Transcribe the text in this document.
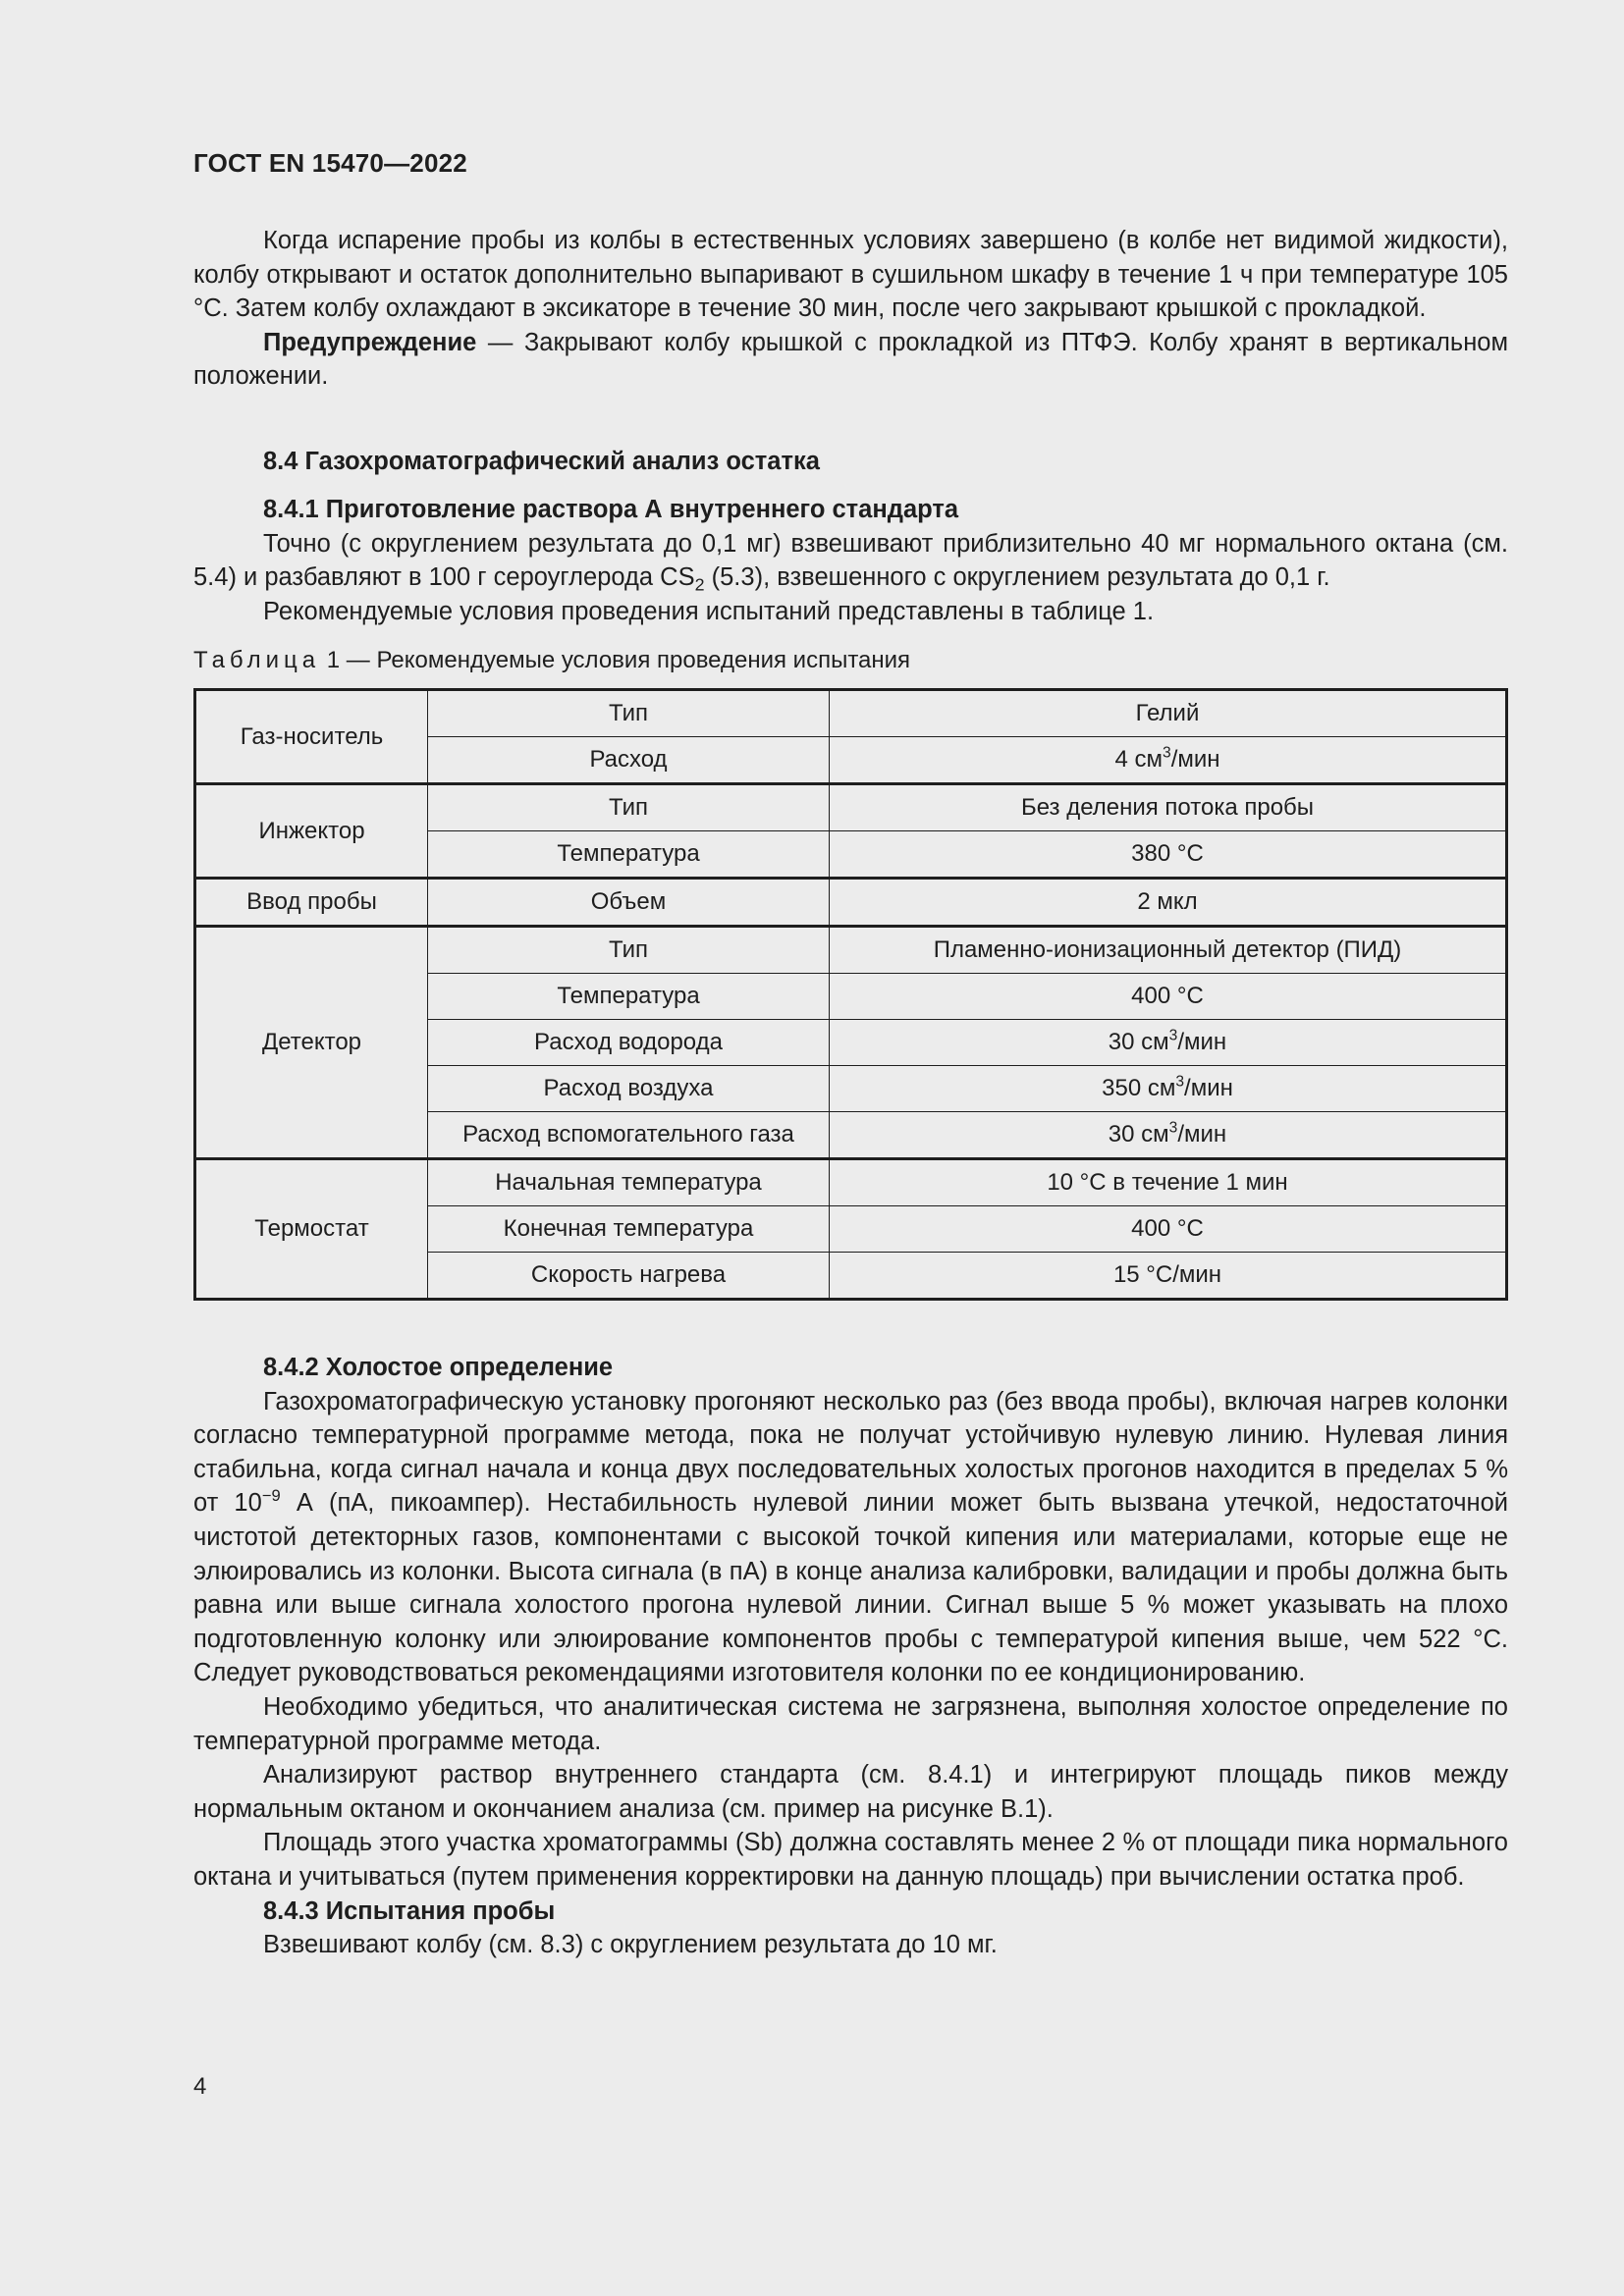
ГОСТ EN 15470—2022

Когда испарение пробы из колбы в естественных условиях завершено (в колбе нет видимой жидкости), колбу открывают и остаток дополнительно выпаривают в сушильном шкафу в течение 1 ч при температуре 105 °С. Затем колбу охлаждают в эксикаторе в течение 30 мин, после чего закрывают крышкой с прокладкой.

Предупреждение — Закрывают колбу крышкой с прокладкой из ПТФЭ. Колбу хранят в вертикальном положении.

8.4 Газохроматографический анализ остатка
8.4.1 Приготовление раствора А внутреннего стандарта

Точно (с округлением результата до 0,1 мг) взвешивают приблизительно 40 мг нормального октана (см. 5.4) и разбавляют в 100 г сероуглерода $CS_2$ (5.3), взвешенного с округлением результата до 0,1 г.

Рекомендуемые условия проведения испытаний представлены в таблице 1.

Таблица 1 — Рекомендуемые условия проведения испытания
Газ-носитель	Тип	Гелий
	Расход	4 $см^3$/мин
Инжектор	Тип	Без деления потока пробы
	Температура	380 °С
Ввод пробы	Объем	2 мкл
Детектор	Тип	Пламенно-ионизационный детектор (ПИД)
	Температура	400 °С
	Расход водорода	30 $см^3$/мин
	Расход воздуха	350 $см^3$/мин
	Расход вспомогательного газа	30 $см^3$/мин
Термостат	Начальная температура	10 °С в течение 1 мин
	Конечная температура	400 °С
	Скорость нагрева	15 °С/мин
8.4.2 Холостое определение

Газохроматографическую установку прогоняют несколько раз (без ввода пробы), включая нагрев колонки согласно температурной программе метода, пока не получат устойчивую нулевую линию. Нулевая линия стабильна, когда сигнал начала и конца двух последовательных холостых прогонов находится в пределах 5 % от $10^{-9}$ А (пА, пикоампер). Нестабильность нулевой линии может быть вызвана утечкой, недостаточной чистотой детекторных газов, компонентами с высокой точкой кипения или материалами, которые еще не элюировались из колонки. Высота сигнала (в пА) в конце анализа калибровки, валидации и пробы должна быть равна или выше сигнала холостого прогона нулевой линии. Сигнал выше 5 % может указывать на плохо подготовленную колонку или элюирование компонентов пробы с температурой кипения выше, чем 522 °С. Следует руководствоваться рекомендациями изготовителя колонки по ее кондиционированию.

Необходимо убедиться, что аналитическая система не загрязнена, выполняя холостое определение по температурной программе метода.

Анализируют раствор внутреннего стандарта (см. 8.4.1) и интегрируют площадь пиков между нормальным октаном и окончанием анализа (см. пример на рисунке В.1).

Площадь этого участка хроматограммы (Sb) должна составлять менее 2 % от площади пика нормального октана и учитываться (путем применения корректировки на данную площадь) при вычислении остатка проб.

8.4.3 Испытания пробы

Взвешивают колбу (см. 8.3) с округлением результата до 10 мг.

4
